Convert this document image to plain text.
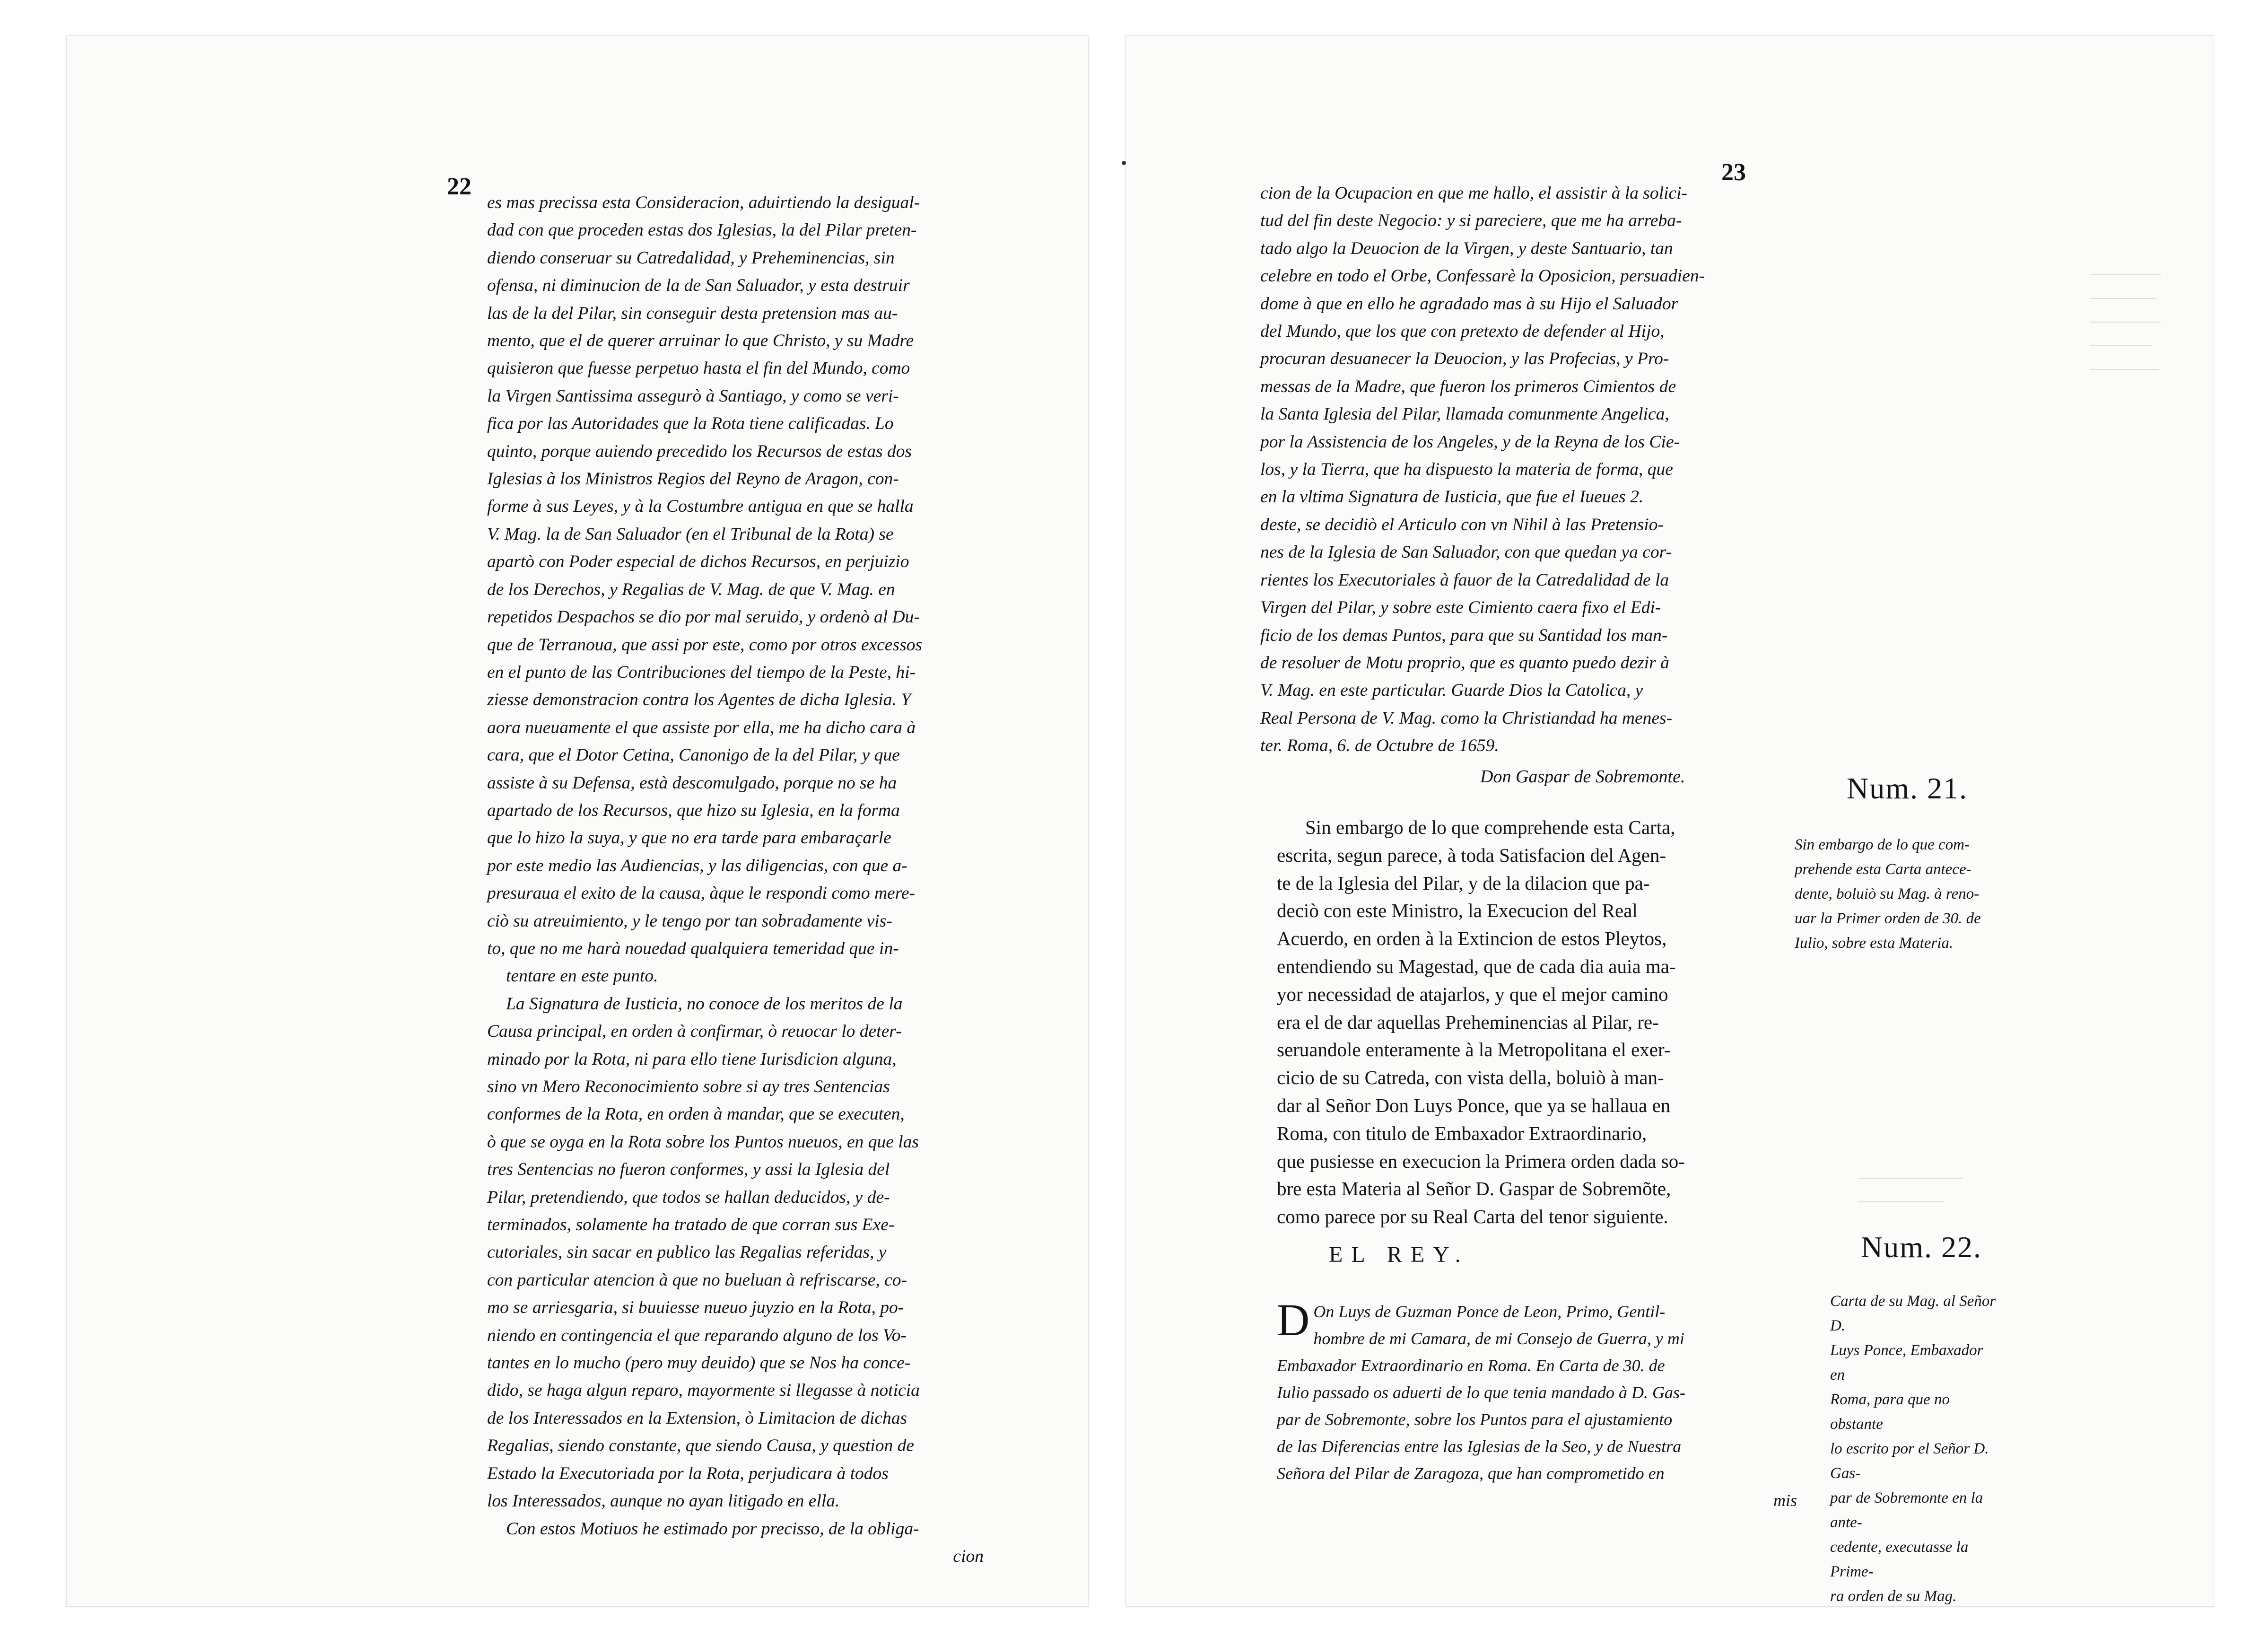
22
23
es mas precissa esta Consideracion, aduirtiendo la desigual-
dad con que proceden estas dos Iglesias, la del Pilar preten-
diendo conseruar su Catredalidad, y Preheminencias, sin
ofensa, ni diminucion de la de San Saluador, y esta destruir
las de la del Pilar, sin conseguir desta pretension mas au-
mento, que el de querer arruinar lo que Christo, y su Madre
quisieron que fuesse perpetuo hasta el fin del Mundo, como
la Virgen Santissima assegurò à Santiago, y como se veri-
fica por las Autoridades que la Rota tiene calificadas. Lo
quinto, porque auiendo precedido los Recursos de estas dos
Iglesias à los Ministros Regios del Reyno de Aragon, con-
forme à sus Leyes, y à la Costumbre antigua en que se halla
V. Mag. la de San Saluador (en el Tribunal de la Rota) se
apartò con Poder especial de dichos Recursos, en perjuizio
de los Derechos, y Regalias de V. Mag. de que V. Mag. en
repetidos Despachos se dio por mal seruido, y ordenò al Du-
que de Terranoua, que assi por este, como por otros excessos
en el punto de las Contribuciones del tiempo de la Peste, hi-
ziesse demonstracion contra los Agentes de dicha Iglesia. Y
aora nueuamente el que assiste por ella, me ha dicho cara à
cara, que el Dotor Cetina, Canonigo de la del Pilar, y que
assiste à su Defensa, està descomulgado, porque no se ha
apartado de los Recursos, que hizo su Iglesia, en la forma
que lo hizo la suya, y que no era tarde para embaraçarle
por este medio las Audiencias, y las diligencias, con que a-
presuraua el exito de la causa, àque le respondi como mere-
ciò su atreuimiento, y le tengo por tan sobradamente vis-
to, que no me harà nouedad qualquiera temeridad que in-
tentare en este punto.
La Signatura de Iusticia, no conoce de los meritos de la
Causa principal, en orden à confirmar, ò reuocar lo deter-
minado por la Rota, ni para ello tiene Iurisdicion alguna,
sino vn Mero Reconocimiento sobre si ay tres Sentencias
conformes de la Rota, en orden à mandar, que se executen,
ò que se oyga en la Rota sobre los Puntos nueuos, en que las
tres Sentencias no fueron conformes, y assi la Iglesia del
Pilar, pretendiendo, que todos se hallan deducidos, y de-
terminados, solamente ha tratado de que corran sus Exe-
cutoriales, sin sacar en publico las Regalias referidas, y
con particular atencion à que no bueluan à refriscarse, co-
mo se arriesgaria, si buuiesse nueuo juyzio en la Rota, po-
niendo en contingencia el que reparando alguno de los Vo-
tantes en lo mucho (pero muy deuido) que se Nos ha conce-
dido, se haga algun reparo, mayormente si llegasse à noticia
de los Interessados en la Extension, ò Limitacion de dichas
Regalias, siendo constante, que siendo Causa, y question de
Estado la Executoriada por la Rota, perjudicara à todos
los Interessados, aunque no ayan litigado en ella.
Con estos Motiuos he estimado por precisso, de la obliga-
cion
cion de la Ocupacion en que me hallo, el assistir à la solici-
tud del fin deste Negocio: y si pareciere, que me ha arreba-
tado algo la Deuocion de la Virgen, y deste Santuario, tan
celebre en todo el Orbe, Confessarè la Oposicion, persuadien-
dome à que en ello he agradado mas à su Hijo el Saluador
del Mundo, que los que con pretexto de defender al Hijo,
procuran desuanecer la Deuocion, y las Profecias, y Pro-
messas de la Madre, que fueron los primeros Cimientos de
la Santa Iglesia del Pilar, llamada comunmente Angelica,
por la Assistencia de los Angeles, y de la Reyna de los Cie-
los, y la Tierra, que ha dispuesto la materia de forma, que
en la vltima Signatura de Iusticia, que fue el Iueues 2.
deste, se decidiò el Articulo con vn Nihil à las Pretensio-
nes de la Iglesia de San Saluador, con que quedan ya cor-
rientes los Executoriales à fauor de la Catredalidad de la
Virgen del Pilar, y sobre este Cimiento caera fixo el Edi-
ficio de los demas Puntos, para que su Santidad los man-
de resoluer de Motu proprio, que es quanto puedo dezir à
V. Mag. en este particular. Guarde Dios la Catolica, y
Real Persona de V. Mag. como la Christiandad ha menes-
ter. Roma, 6. de Octubre de 1659.
Don Gaspar de Sobremonte.
Sin embargo de lo que comprehende esta Carta,
escrita, segun parece, à toda Satisfacion del Agen-
te de la Iglesia del Pilar, y de la dilacion que pa-
deciò con este Ministro, la Execucion del Real
Acuerdo, en orden à la Extincion de estos Pleytos,
entendiendo su Magestad, que de cada dia auia ma-
yor necessidad de atajarlos, y que el mejor camino
era el de dar aquellas Preheminencias al Pilar, re-
seruandole enteramente à la Metropolitana el exer-
cicio de su Catreda, con vista della, boluiò à man-
dar al Señor Don Luys Ponce, que ya se hallaua en
Roma, con titulo de Embaxador Extraordinario,
que pusiesse en execucion la Primera orden dada so-
bre esta Materia al Señor D. Gaspar de Sobremõte,
como parece por su Real Carta del tenor siguiente.
EL REY.
D On Luys de Guzman Ponce de Leon, Primo, Gentil-
hombre de mi Camara, de mi Consejo de Guerra, y mi
Embaxador Extraordinario en Roma. En Carta de 30. de
Iulio passado os aduerti de lo que tenia mandado à D. Gas-
par de Sobremonte, sobre los Puntos para el ajustamiento
de las Diferencias entre las Iglesias de la Seo, y de Nuestra
Señora del Pilar de Zaragoza, que han comprometido en
mis
Num. 21.
Sin embargo de lo que com-
prehende esta Carta antece-
dente, boluiò su Mag. à reno-
uar la Primer orden de 30. de
Iulio, sobre esta Materia.
Num. 22.
Carta de su Mag. al Señor D.
Luys Ponce, Embaxador en
Roma, para que no obstante
lo escrito por el Señor D. Gas-
par de Sobremonte en la ante-
cedente, executasse la Prime-
ra orden de su Mag.
